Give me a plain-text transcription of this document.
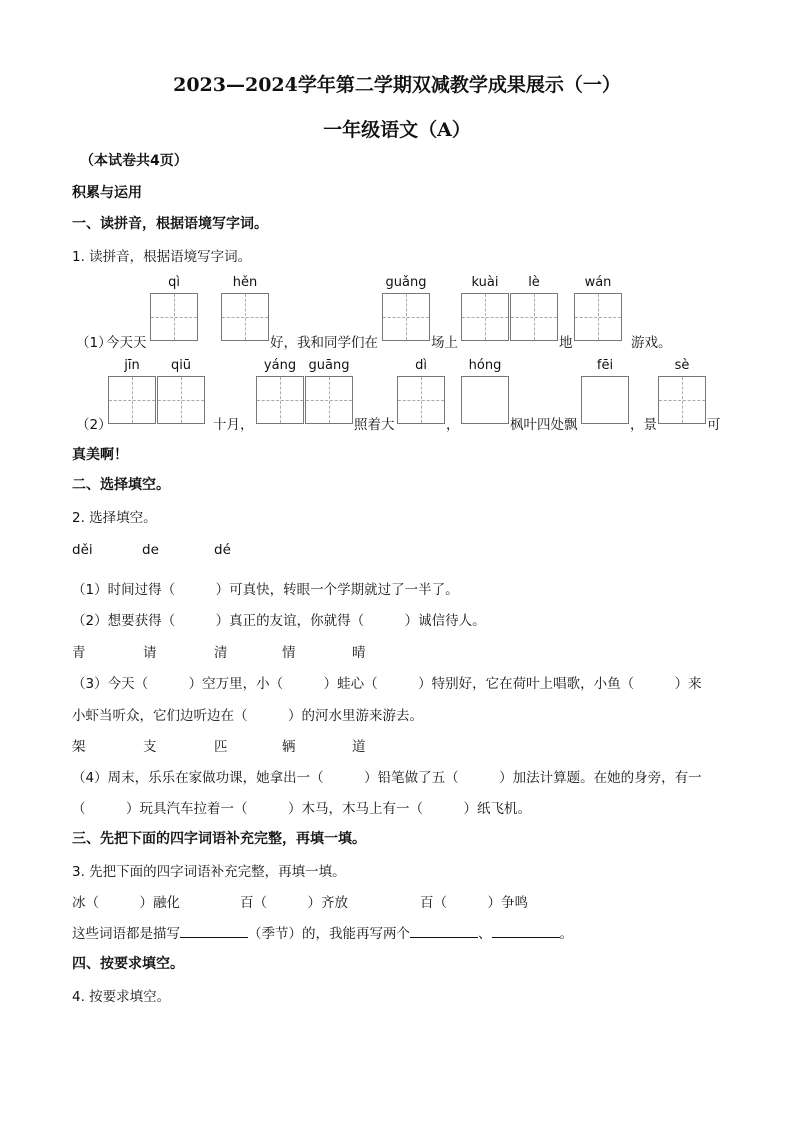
2023—2024学年第二学期双减教学成果展示（一）
一年级语文（A）
（本试卷共4页）
积累与运用
一、读拼音，根据语境写字词。
1. 读拼音，根据语境写字词。
qì	hěn	guǎng	kuài	lè	wán
（1）
今天天	好，我和同学们在	场上	地	游戏。
jīn	qiū	yáng guāng	dì	hóng	fēi	sè
（2）	十月，	照着大	，	枫叶四处飘	，景	可
真美啊！
二、选择填空。
2. 选择填空。
děi	de	dé
（1）时间过得（　　　）可真快，转眼一个学期就过了一半了。
（2）想要获得（　　　）真正的友谊，你就得（　　　）诚信待人。
青	请	清	情	晴
（3）今天（　　　）空万里，小（　　　）蛙心（　　　）特别好，它在荷叶上唱歌，小鱼（　　　）来
小虾当听众，它们边听边在（　　　）的河水里游来游去。
架	支	匹	辆	道
（4）周末，乐乐在家做功课，她拿出一（　　　）铅笔做了五（　　　）加法计算题。在她的身旁，有一
（　　　）玩具汽车拉着一（　　　）木马，木马上有一（　　　）纸飞机。
三、先把下面的四字词语补充完整，再填一填。
3. 先把下面的四字词语补充完整，再填一填。
冰（　　　）融化	百（　　　）齐放	百（　　　）争鸣
这些词语都是描写	（季节）的，我能再写两个	、	。
四、按要求填空。
4. 按要求填空。
